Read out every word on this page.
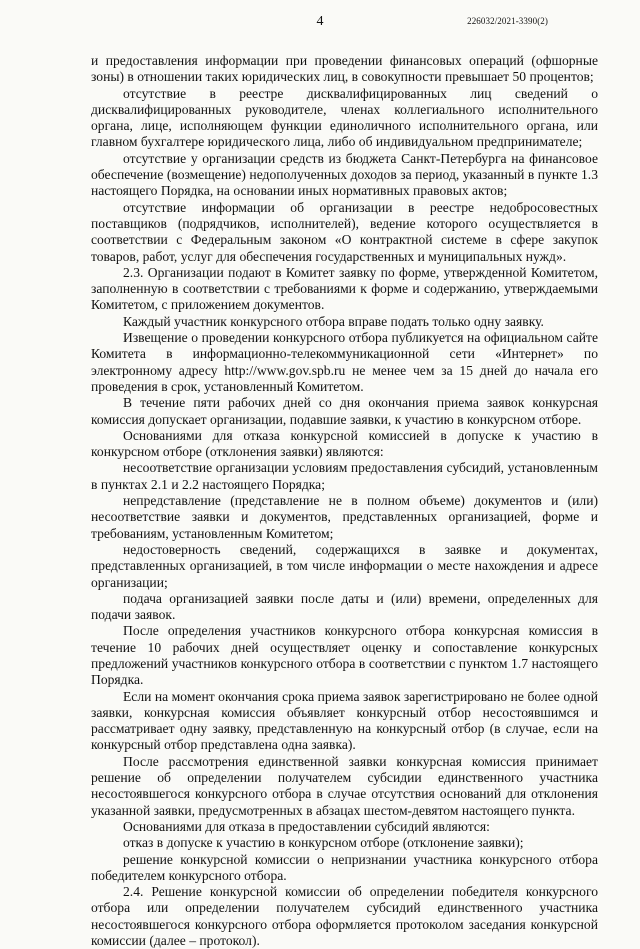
4	226032/2021-3390(2)

и предоставления информации при проведении финансовых операций (офшорные зоны) в отношении таких юридических лиц, в совокупности превышает 50 процентов;

отсутствие в реестре дисквалифицированных лиц сведений о дисквалифицированных руководителе, членах коллегиального исполнительного органа, лице, исполняющем функции единоличного исполнительного органа, или главном бухгалтере юридического лица, либо об индивидуальном предпринимателе;

отсутствие у организации средств из бюджета Санкт-Петербурга на финансовое обеспечение (возмещение) недополученных доходов за период, указанный в пункте 1.3 настоящего Порядка, на основании иных нормативных правовых актов;

отсутствие информации об организации в реестре недобросовестных поставщиков (подрядчиков, исполнителей), ведение которого осуществляется в соответствии с Федеральным законом «О контрактной системе в сфере закупок товаров, работ, услуг для обеспечения государственных и муниципальных нужд».

2.3. Организации подают в Комитет заявку по форме, утвержденной Комитетом, заполненную в соответствии с требованиями к форме и содержанию, утверждаемыми Комитетом, с приложением документов.

Каждый участник конкурсного отбора вправе подать только одну заявку.

Извещение о проведении конкурсного отбора публикуется на официальном сайте Комитета в информационно-телекоммуникационной сети «Интернет» по электронному адресу http://www.gov.spb.ru не менее чем за 15 дней до начала его проведения в срок, установленный Комитетом.

В течение пяти рабочих дней со дня окончания приема заявок конкурсная комиссия допускает организации, подавшие заявки, к участию в конкурсном отборе.

Основаниями для отказа конкурсной комиссией в допуске к участию в конкурсном отборе (отклонения заявки) являются:

несоответствие организации условиям предоставления субсидий, установленным в пунктах 2.1 и 2.2 настоящего Порядка;

непредставление (представление не в полном объеме) документов и (или) несоответствие заявки и документов, представленных организацией, форме и требованиям, установленным Комитетом;

недостоверность сведений, содержащихся в заявке и документах, представленных организацией, в том числе информации о месте нахождения и адресе организации;

подача организацией заявки после даты и (или) времени, определенных для подачи заявок.

После определения участников конкурсного отбора конкурсная комиссия в течение 10 рабочих дней осуществляет оценку и сопоставление конкурсных предложений участников конкурсного отбора в соответствии с пунктом 1.7 настоящего Порядка.

Если на момент окончания срока приема заявок зарегистрировано не более одной заявки, конкурсная комиссия объявляет конкурсный отбор несостоявшимся и рассматривает одну заявку, представленную на конкурсный отбор (в случае, если на конкурсный отбор представлена одна заявка).

После рассмотрения единственной заявки конкурсная комиссия принимает решение об определении получателем субсидии единственного участника несостоявшегося конкурсного отбора в случае отсутствия оснований для отклонения указанной заявки, предусмотренных в абзацах шестом-девятом настоящего пункта.

Основаниями для отказа в предоставлении субсидий являются:

отказ в допуске к участию в конкурсном отборе (отклонение заявки);

решение конкурсной комиссии о непризнании участника конкурсного отбора победителем конкурсного отбора.

2.4. Решение конкурсной комиссии об определении победителя конкурсного отбора или определении получателем субсидий единственного участника несостоявшегося конкурсного отбора оформляется протоколом заседания конкурсной комиссии (далее – протокол).
